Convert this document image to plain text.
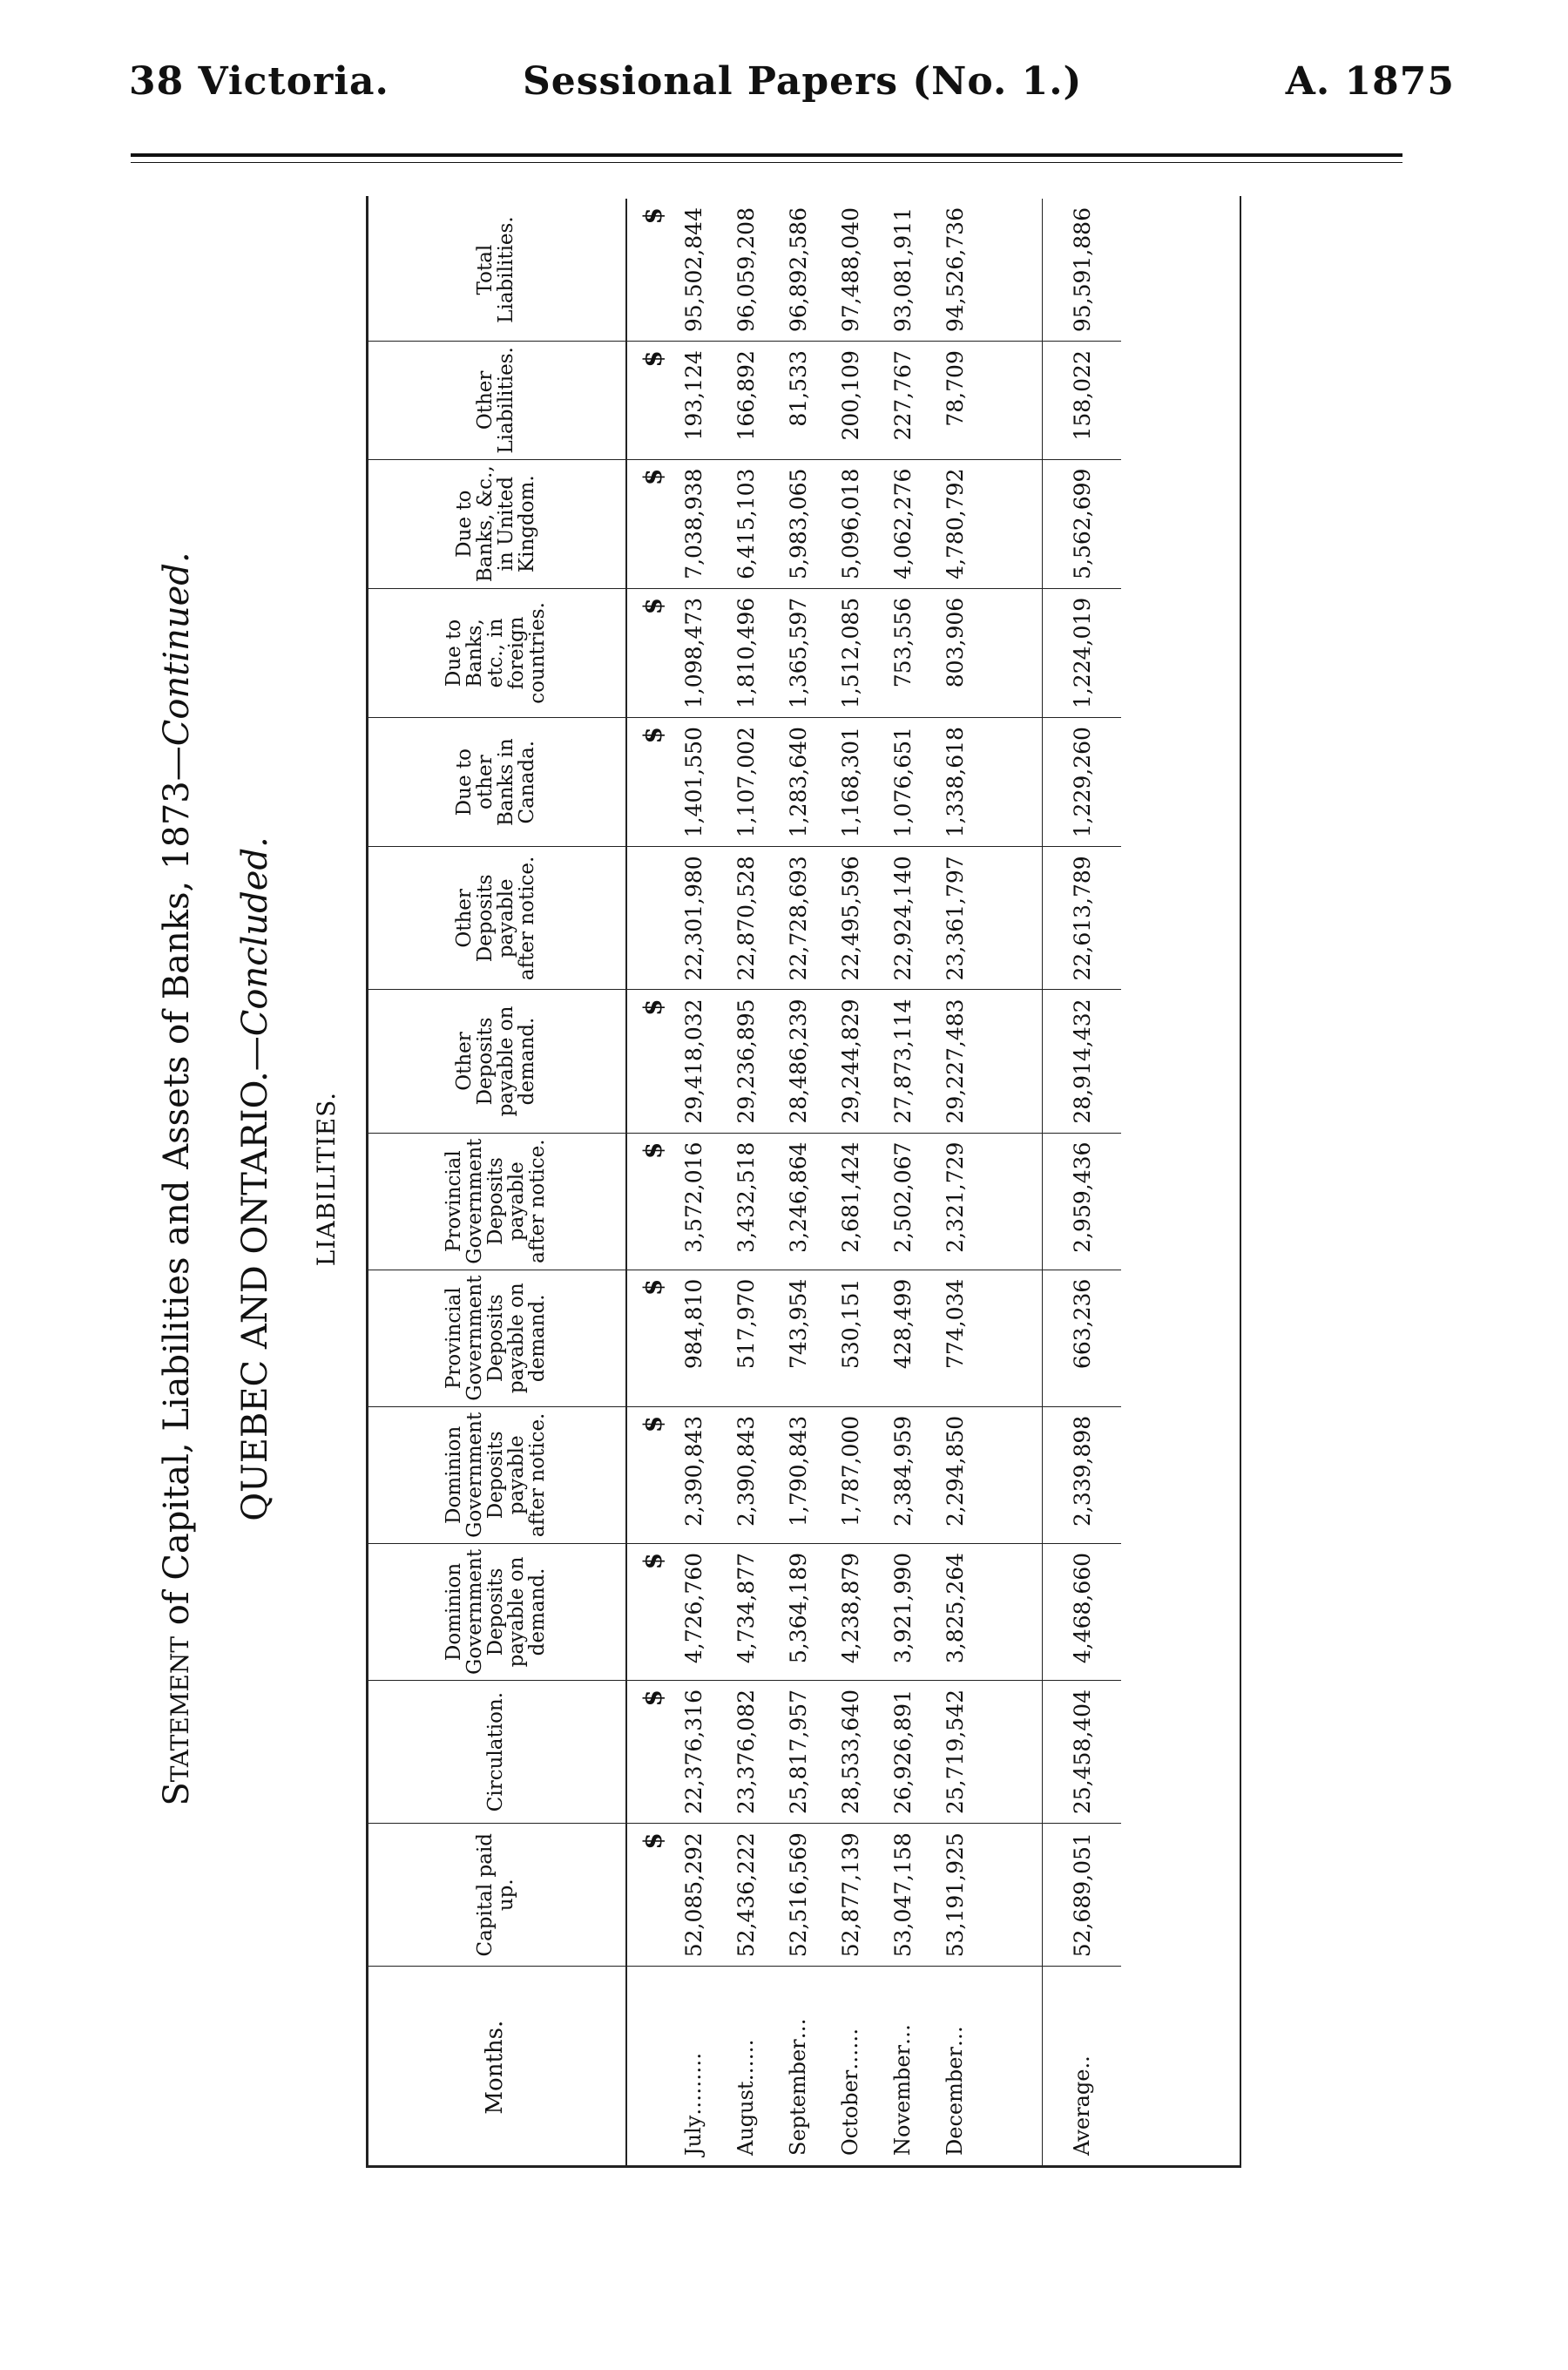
38 Victoria.	Sessional Papers (No. 1.)	A. 1875
Statement of Capital, Liabilities and Assets of Banks, 1873—Continued.
QUEBEC AND ONTARIO.—Concluded.
LIABILITIES.
Months.	Capital paid up.	Circulation.	Dominion Government Deposits payable on demand.	Dominion Government Deposits payable after notice.	Provincial Government Deposits payable on demand.	Provincial Government Deposits payable after notice.	Other Deposits payable on demand.	Other Deposits payable after notice.	Due to other Banks in Canada.	Due to Banks, etc., in foreign countries.	Due to Banks, &c., in United Kingdom.	Other Liabilities.	Total Liabilities.
	$	$	$	$	$	$	$		$	$	$	$	$
July………	52,085,292	22,376,316	4,726,760	2,390,843	984,810	3,572,016	29,418,032	22,301,980	1,401,550	1,098,473	7,038,938	193,124	95,502,844
August……	52,436,222	23,376,082	4,734,877	2,390,843	517,970	3,432,518	29,236,895	22,870,528	1,107,002	1,810,496	6,415,103	166,892	96,059,208
September…	52,516,569	25,817,957	5,364,189	1,790,843	743,954	3,246,864	28,486,239	22,728,693	1,283,640	1,365,597	5,983,065	81,533	96,892,586
October……	52,877,139	28,533,640	4,238,879	1,787,000	530,151	2,681,424	29,244,829	22,495,596	1,168,301	1,512,085	5,096,018	200,109	97,488,040
November…	53,047,158	26,926,891	3,921,990	2,384,959	428,499	2,502,067	27,873,114	22,924,140	1,076,651	753,556	4,062,276	227,767	93,081,911
December…	53,191,925	25,719,542	3,825,264	2,294,850	774,034	2,321,729	29,227,483	23,361,797	1,338,618	803,906	4,780,792	78,709	94,526,736

Average..	52,689,051	25,458,404	4,468,660	2,339,898	663,236	2,959,436	28,914,432	22,613,789	1,229,260	1,224,019	5,562,699	158,022	95,591,886
